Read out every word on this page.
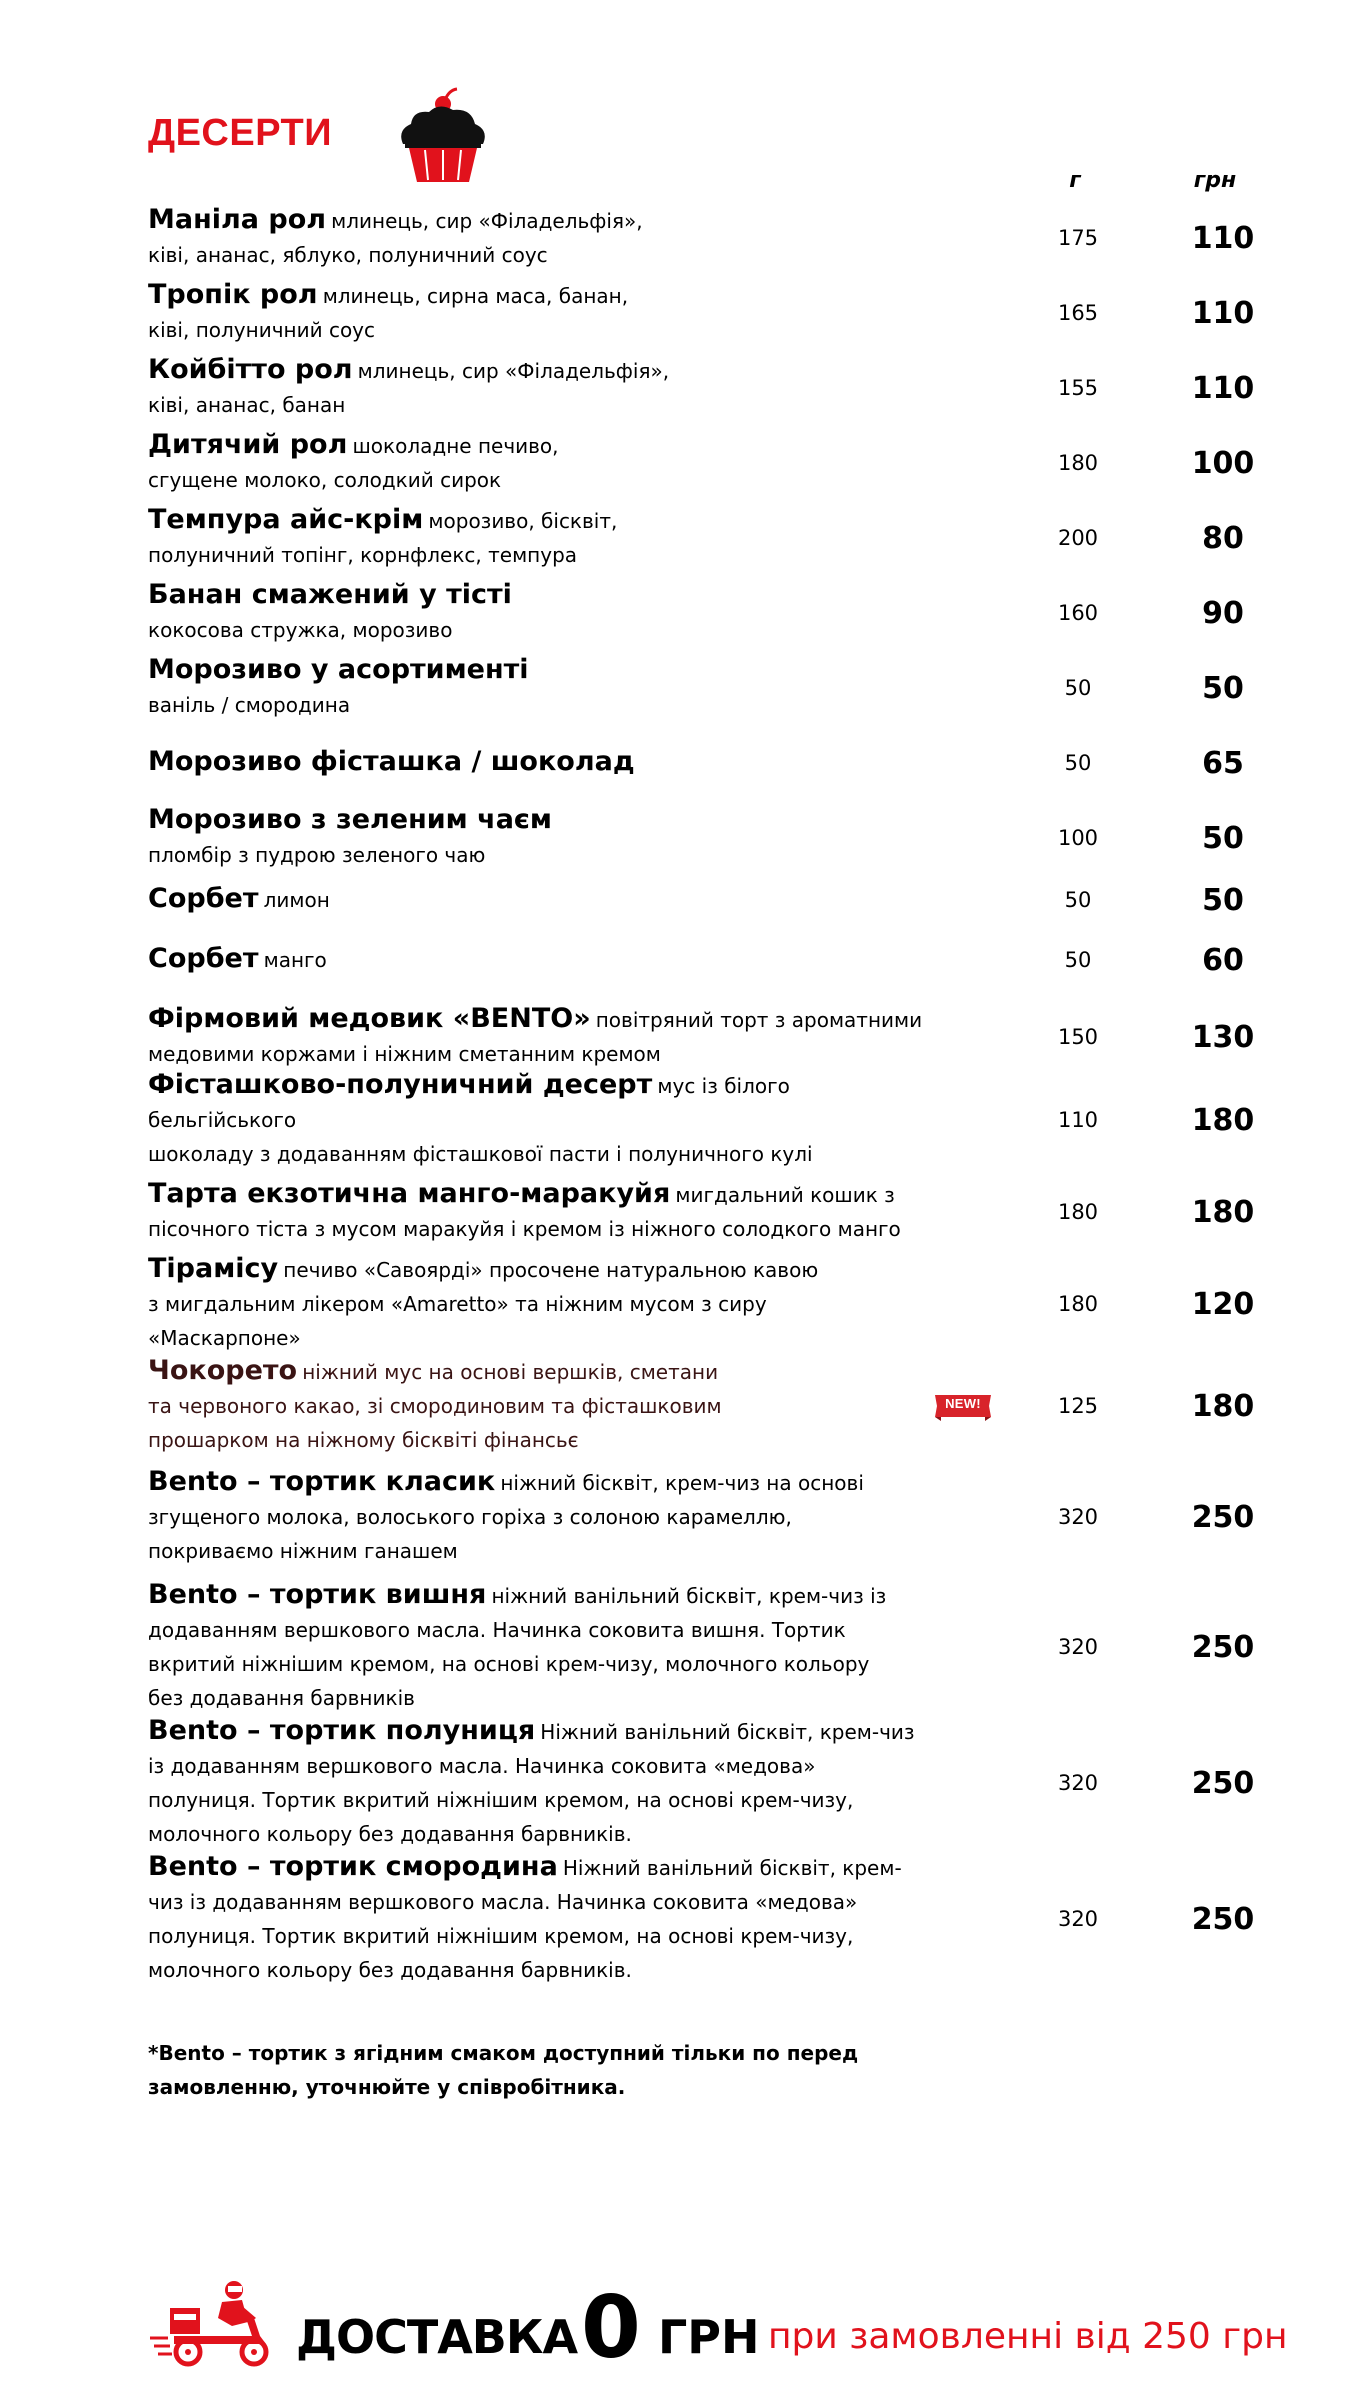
ДЕСЕРТИ
г	грн
Маніла рол млинець, сир «Філадельфія»,
ківі, ананас, яблуко, полуничний соус
175	110
Тропік рол млинець, сирна маса, банан,
ківі, полуничний соус
165	110
Койбітто рол млинець, сир «Філадельфія»,
ківі, ананас, банан
155	110
Дитячий рол шоколадне печиво,
сгущене молоко, солодкий сирок
180	100
Темпура айс-крім морозиво, бісквіт,
полуничний топінг, корнфлекс, темпура
200	80
Банан смажений у тісті
кокосова стружка, морозиво
160	90
Морозиво у асортименті
ваніль / смородина
50	50
Морозиво фісташка / шоколад	50	65
Морозиво з зеленим чаєм
пломбір з пудрою зеленого чаю
100	50
Сорбет лимон	50	50
Сорбет манго	50	60
Фірмовий медовик «BENTO» повітряний торт з ароматними
медовими коржами і ніжним сметанним кремом
150	130
Фісташково-полуничний десерт мус із білого бельгійського
шоколаду з додаванням фісташкової пасти і полуничного кулі
110	180
Тарта екзотична манго-маракуйя мигдальний кошик з
пісочного тіста з мусом маракуйя і кремом із ніжного солодкого манго
180	180
Тірамісу печиво «Савоярді» просочене натуральною кавою
з мигдальним лікером «Amaretto» та ніжним мусом з сиру
«Маскарпоне»
180	120
Чокорето ніжний мус на основі вершків, сметани
та червоного какао, зі смородиновим та фісташковим
прошарком на ніжному бісквіті фінансьє
NEW!	125	180
Bento – тортик класик ніжний бісквіт, крем-чиз на основі
згущеного молока, волоського горіха з солоною карамеллю,
покриваємо ніжним ганашем
320	250
Bento – тортик вишня ніжний ванільний бісквіт, крем-чиз із
додаванням вершкового масла. Начинка соковита вишня. Тортик
вкритий ніжнішим кремом, на основі крем-чизу, молочного кольору
без додавання барвників
320	250
Bento – тортик полуниця Ніжний ванільний бісквіт, крем-чиз
із додаванням вершкового масла. Начинка соковита «медова»
полуниця. Тортик вкритий ніжнішим кремом, на основі крем-чизу,
молочного кольору без додавання барвників.
320	250
Bento – тортик смородина Ніжний ванільний бісквіт, крем-
чиз із додаванням вершкового масла. Начинка соковита «медова»
полуниця. Тортик вкритий ніжнішим кремом, на основі крем-чизу,
молочного кольору без додавання барвників.
320	250
*Bento – тортик з ягідним смаком доступний тільки по перед
замовленню, уточнюйте у співробітника.
ДОСТАВКА 0 ГРН при замовленні від 250 грн
